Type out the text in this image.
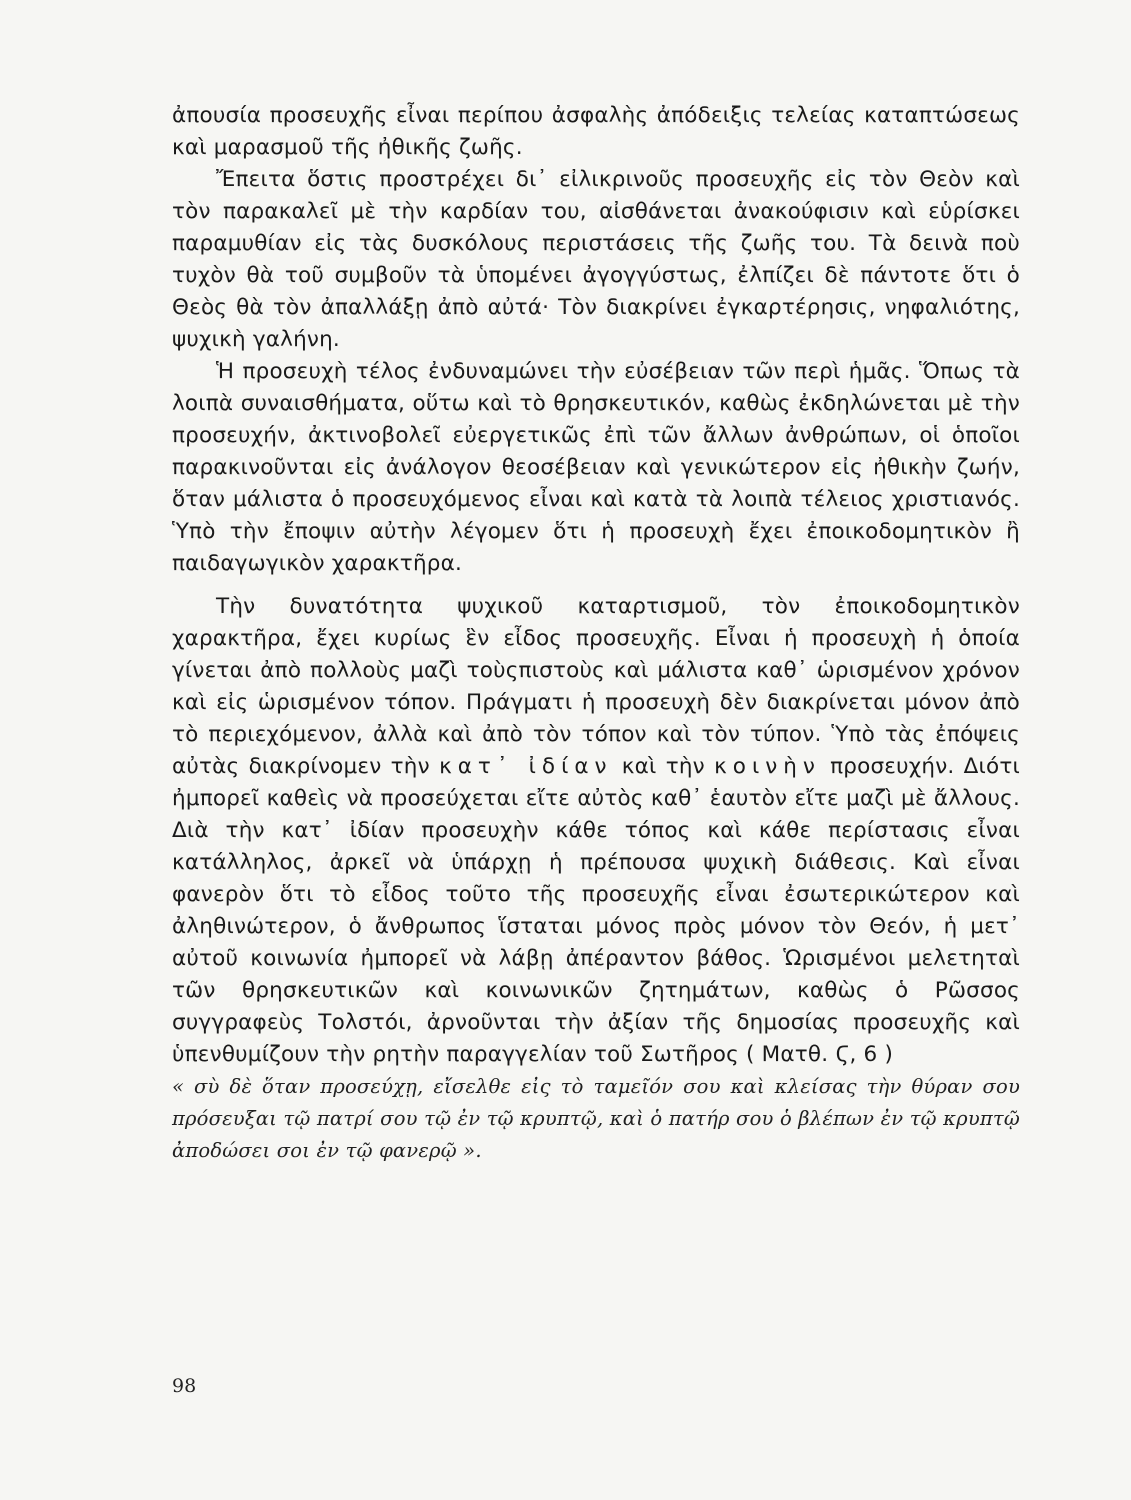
ἀπουσία προσευχῆς εἶναι περίπου ἀσφαλὴς ἀπόδειξις τελείας καταπτώσεως καὶ μαρασμοῦ τῆς ἠθικῆς ζωῆς.

Ἔπειτα ὅστις προστρέχει δι᾽ εἰλικρινοῦς προσευχῆς εἰς τὸν Θεὸν καὶ τὸν παρακαλεῖ μὲ τὴν καρδίαν του, αἰσθάνεται ἀνακούφισιν καὶ εὑρίσκει παραμυθίαν εἰς τὰς δυσκόλους περιστάσεις τῆς ζωῆς του. Τὰ δεινὰ ποὺ τυχὸν θὰ τοῦ συμβοῦν τὰ ὑπομένει ἀγογγύστως, ἐλπίζει δὲ πάντοτε ὅτι ὁ Θεὸς θὰ τὸν ἀπαλλάξῃ ἀπὸ αὐτά· Τὸν διακρίνει ἐγκαρτέρησις, νηφαλιότης, ψυχικὴ γαλήνη.

Ἡ προσευχὴ τέλος ἐνδυναμώνει τὴν εὐσέβειαν τῶν περὶ ἡμᾶς. Ὅπως τὰ λοιπὰ συναισθήματα, οὕτω καὶ τὸ θρησκευτικόν, καθὼς ἐκδηλώνεται μὲ τὴν προσευχήν, ἀκτινοβολεῖ εὐεργετικῶς ἐπὶ τῶν ἄλλων ἀνθρώπων, οἱ ὁποῖοι παρακινοῦνται εἰς ἀνάλογον θεοσέβειαν καὶ γενικώτερον εἰς ἠθικὴν ζωήν, ὅταν μάλιστα ὁ προσευχόμενος εἶναι καὶ κατὰ τὰ λοιπὰ τέλειος χριστιανός. Ὑπὸ τὴν ἔποψιν αὐτὴν λέγομεν ὅτι ἡ προσευχὴ ἔχει ἐποικοδομητικὸν ἢ παιδαγωγικὸν χαρακτῆρα.

Τὴν δυνατότητα ψυχικοῦ καταρτισμοῦ, τὸν ἐποικοδομητικὸν χαρακτῆρα, ἔχει κυρίως ἓν εἶδος προσευχῆς. Εἶναι ἡ προσευχὴ ἡ ὁποία γίνεται ἀπὸ πολλοὺς μαζὶ τοὺςπιστοὺς καὶ μάλιστα καθ᾽ ὡρισμένον χρόνον καὶ εἰς ὡρισμένον τόπον. Πράγματι ἡ προσευχὴ δὲν διακρίνεται μόνον ἀπὸ τὸ περιεχόμενον, ἀλλὰ καὶ ἀπὸ τὸν τόπον καὶ τὸν τύπον. Ὑπὸ τὰς ἐπόψεις αὐτὰς διακρίνομεν τὴν κατ᾽ ἰδίαν καὶ τὴν κοινὴν προσευχήν. Διότι ἠμπορεῖ καθεὶς νὰ προσεύχεται εἴτε αὐτὸς καθ᾽ ἑαυτὸν εἴτε μαζὶ μὲ ἄλλους. Διὰ τὴν κατ᾽ ἰδίαν προσευχὴν κάθε τόπος καὶ κάθε περίστασις εἶναι κατάλληλος, ἀρκεῖ νὰ ὑπάρχῃ ἡ πρέπουσα ψυχικὴ διάθεσις. Καὶ εἶναι φανερὸν ὅτι τὸ εἶδος τοῦτο τῆς προσευχῆς εἶναι ἐσωτερικώτερον καὶ ἀληθινώτερον, ὁ ἄνθρωπος ἵσταται μόνος πρὸς μόνον τὸν Θεόν, ἡ μετ᾽ αὐτοῦ κοινωνία ἠμπορεῖ νὰ λάβῃ ἀπέραντον βάθος. Ὡρισμένοι μελετηταὶ τῶν θρησκευτικῶν καὶ κοινωνικῶν ζητημάτων, καθὼς ὁ Ρῶσσος συγγραφεὺς Τολστόι, ἀρνοῦνται τὴν ἀξίαν τῆς δημοσίας προσευχῆς καὶ ὑπενθυμίζουν τὴν ρητὴν παραγγελίαν τοῦ Σωτῆρος ( Ματθ. Ϛ, 6 )

« σὺ δὲ ὅταν προσεύχῃ, εἴσελθε εἰς τὸ ταμεῖόν σου καὶ κλείσας τὴν θύραν σου πρόσευξαι τῷ πατρί σου τῷ ἐν τῷ κρυπτῷ, καὶ ὁ πατήρ σου ὁ βλέπων ἐν τῷ κρυπτῷ ἀποδώσει σοι ἐν τῷ φανερῷ ».

98
